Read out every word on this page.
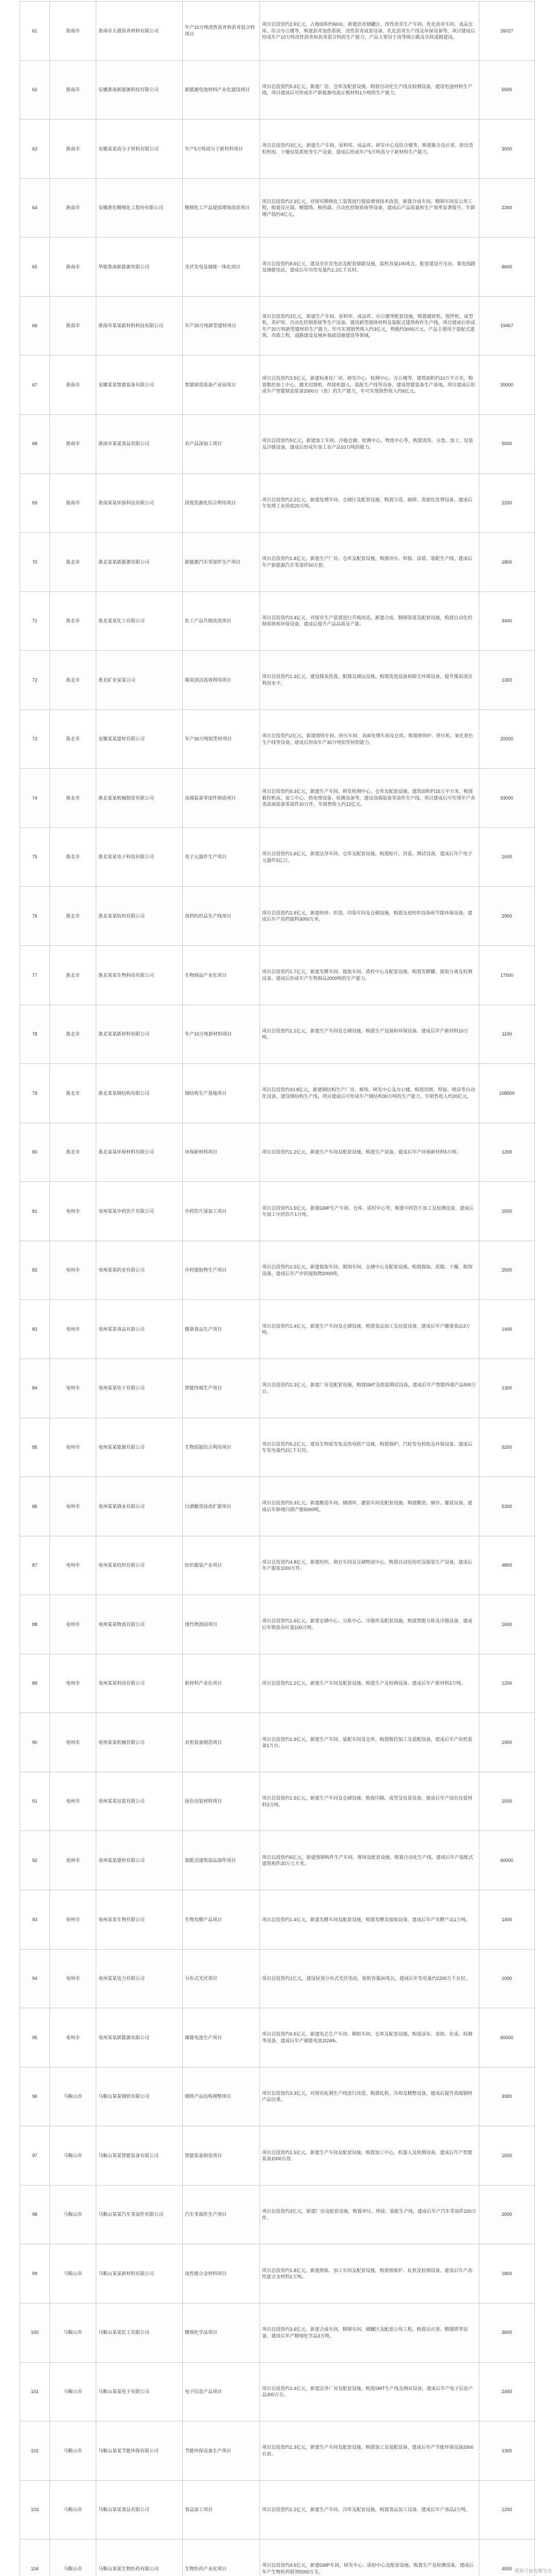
61	淮南市	淮南市大港沥青材料有限公司	年产10万吨改性沥青和沥青混合料项目	项目总投资约2.6亿元，占地面积约60亩，新建沥青储罐区、改性沥青生产车间、乳化沥青车间、成品仓库、综合办公楼等，购置沥青加热系统、改性沥青成套设备、乳化沥青生产线及环保设备等，项目建成后形成年产10万吨改性沥青和沥青混合料的生产能力，产品主要用于高等级公路及市政道路建设。	26027
62	淮南市	安徽淮南新能源科技有限公司	新能源电池材料产业化建设项目	项目总投资约5.5亿元，新建厂房、仓库及配套设施，购置自动化生产线及检测设备，建设电池材料生产线，项目建成后可形成年产新能源电池正极材料1万吨的生产能力。	5500
63	淮南市	安徽某某高分子材料有限公司	年产5万吨高分子新材料项目	项目总投资约3亿元，新建生产车间、原料库、成品库、研发中心及综合楼等，购置聚合反应釜、挤出造粒机组、干燥包装系统等生产设备，建成后形成年产5万吨高分子新材料生产能力。	3000
64	淮南市	安徽淮化精细化工股份有限公司	精细化工产品提质增效改造项目	项目总投资约2.3亿元，对现有精细化工装置进行提质增效技术改造，新建合成车间、精制车间及公用工程，购置反应器、精馏塔、换热器、自动化控制系统等设备，建成后产品质量和生产效率显著提升，年新增产值约4亿元。	2300
65	淮南市	华能淮南新能源有限公司	光伏发电及储能一体化项目	项目总投资约8.6亿元，建设光伏发电站及配套储能设施，装机容量100兆瓦，配套建设升压站、集电线路及储能电站，建成后年均发电量约1.2亿千瓦时。	8600
66	淮南市	淮南市某某新材料科技有限公司	年产20万吨新型建材项目	项目总投资约2亿元，新建生产车间、原料库、成品库、办公楼等配套设施，购置破碎机、搅拌机、成型机、养护窑、自动化控制系统等生产设备，建设新型墙体材料及装配式建筑构件生产线，项目建成后形成年产20万吨新型建材的生产能力，年可实现销售收入约3亿元，利税约3000万元。产品主要用于装配式建筑、市政工程、道路建设及城乡基础设施建设等领域。	19467
67	淮南市	安徽某某智能装备有限公司	智能制造装备产业园项目	项目总投资约3.5亿元，新建标准化厂房、研发中心、检测中心、办公楼等，建筑面积约10万平方米，购置数控加工中心、激光切割机、焊接机器人、装配生产线等设备，建设智能装备生产基地，项目建成后形成年产智能制造装备2000台（套）的生产能力，年可实现销售收入约6亿元。	35000
68	淮南市	淮南市某某食品有限公司	农产品深加工项目	项目总投资约5亿元，新建加工车间、冷链仓储、检测中心、物流中心等，购置清洗、分选、加工、包装及冷链设备，建成后形成年加工农产品10万吨的能力。	5000
69	淮南市	淮南某某环保科技有限公司	固废资源化综合利用项目	项目总投资约2.2亿元，新建处理车间、仓储区及配套设施，购置分选、破碎、资源化处理设备，建成后年处理工业固废20万吨。	2200
70	淮北市	淮北某某新能源有限公司	新能源汽车零部件生产项目	项目总投资约1.8亿元，新建生产厂房、仓库及配套设施，购置冲压、焊接、涂装、装配生产线，建成后年产新能源汽车零部件50万套。	1800
71	淮北市	淮北某某化工有限公司	化工产品升级改造项目	项目总投资约3.4亿元，对现有生产装置进行升级改造，新建合成、精制装置及配套设施，购置自动化控制系统和环保设备，建成后提升产品品质及产能。	3400
72	淮北市	淮北矿业某某公司	煤炭清洁高效利用项目	项目总投资约1.3亿元，建设煤炭洗选、配煤及储运设施，购置洗选设备和除尘环保设备，提升煤炭清洁利用水平。	1300
73	淮北市	安徽某某建材有限公司	年产30万吨铝型材项目	项目总投资约2亿元，新建熔铸车间、挤压车间、表面处理车间及仓库，购置熔铸炉、挤压机、氧化着色生产线等设备，建成后形成年产30万吨铝型材的能力。	20000
74	淮北市	淮北某某机械制造有限公司	高端装备零部件制造项目	项目总投资约9.3亿元，新建生产车间、研发检测中心、仓库及配套设施，建筑面积约15万平方米，购置数控机床、加工中心、热处理设备、检测设备等，建设高端装备零部件生产线，项目建成后可实现年产各类高端装备零部件20万件，年销售收入约12亿元。	93000
75	淮北市	淮北某某电子科技有限公司	电子元器件生产项目	项目总投资约1.6亿元，新建洁净车间、仓库及配套设施，购置贴片、封装、测试设备，建成后年产电子元器件5亿只。	1600
76	淮北市	淮北某某纺织有限公司	高档纺织品生产线项目	项目总投资约2.9亿元，新建纺纱、织造、印染车间及仓储设施，购置先进纺织设备和节能环保设备，建成后年产高档面料3000万米。	2900
77	淮北市	淮北某某生物科技有限公司	生物制品产业化项目	项目总投资约1.7亿元，新建发酵车间、提取车间、质检中心及配套设施，购置发酵罐、提取分离及检测设备，建成后形成年产生物制品2000吨的生产能力。	17500
78	淮北市	淮北某某新材料有限公司	年产10万吨新材料项目	项目总投资约1.1亿元，新建生产车间及仓储设施，购置生产设备和环保设备，建成后年产新材料10万吨。	1100
79	淮北市	淮北某某钢结构有限公司	钢结构生产基地项目	项目总投资约10.8亿元，新建钢结构生产厂房、堆场、研发中心及办公楼，购置切割、焊接、喷涂等自动化设备，建设钢结构生产线，项目建成后可形成年产钢结构30万吨的生产能力，年销售收入约20亿元。	108000
80	淮北市	淮北某某环保材料有限公司	环保新材料项目	项目总投资约1.2亿元，新建生产车间及配套设施，购置生产设备，建成后年产环保新材料5万吨。	1200
81	亳州市	亳州某某中药饮片有限公司	中药饮片深加工项目	项目总投资约1.5亿元，新建GMP生产车间、仓库、质检中心等，购置中药饮片加工及检测设备，建成后年加工中药饮片1万吨。	1500
82	亳州市	亳州某某药业有限公司	中药提取物生产项目	项目总投资约2.5亿元，新建提取车间、制剂车间、仓储中心及配套设施，购置提取、浓缩、干燥、制剂设备，建成后年产中药提取物2000吨。	2500
83	亳州市	亳州某某食品有限公司	健康食品生产项目	项目总投资约1.4亿元，新建生产车间及仓储设施，购置食品加工及包装设备，建成后年产健康食品3万吨。	1400
84	亳州市	亳州某某电子有限公司	智能终端生产项目	项目总投资约1.3亿元，新建厂房及配套设施，购置SMT及组装测试设备，建成后年产智能终端产品500万台。	1300
85	亳州市	亳州某某能源有限公司	生物质能综合利用项目	项目总投资约5.2亿元，建设生物质发电及热电联产设施，购置锅炉、汽轮发电机组及环保设备，建成后年发电量约2亿千瓦时。	5200
86	亳州市	亳州某某酒业有限公司	白酒酿造技改扩能项目	项目总投资约5.3亿元，新建酿造车间、储酒库、灌装车间及配套设施，购置酿造、储存、灌装设备，建成后年新增白酒产能5000吨。	5300
87	亳州市	亳州某某纺织有限公司	纺织服装产业项目	项目总投资约4.8亿元，新建纺织、制衣车间及仓储物流中心，购置自动化纺织及服装生产设备，建成后年产服装1000万件。	4800
88	亳州市	亳州某某物流有限公司	现代物流园项目	项目总投资约1.6亿元，新建仓储中心、分拣中心、冷链库及配套设施，购置智能分拣及冷链设备，建成后年物流吞吐量100万吨。	1600
89	亳州市	亳州某某科技有限公司	新材料产业化项目	项目总投资约1.2亿元，新建生产车间及配套设施，购置生产及检测设备，建成后年产新材料2万吨。	1200
90	亳州市	亳州某某机械有限公司	农机装备制造项目	项目总投资约1.9亿元，新建生产车间、装配车间及仓库，购置数控加工及装配设备，建成后年产农机装备1万台。	1900
91	亳州市	亳州某某包装有限公司	绿色包装材料项目	项目总投资约1.5亿元，新建生产车间及仓储设施，购置印刷、成型及包装设备，建成后年产绿色包装材料3万吨。	1500
92	亳州市	亳州某某建材有限公司	装配式建筑部品部件项目	项目总投资约6亿元，新建预制构件生产车间、堆场及配套设施，购置自动化生产线，建成后年产装配式建筑构件20万立方米。	60000
93	亳州市	亳州某某生物有限公司	生物发酵产品项目	项目总投资约1.4亿元，新建发酵车间及配套设施，购置发酵及提取设备，建成后年产发酵产品1万吨。	1400
94	亳州市	亳州某某电力有限公司	分布式光伏项目	项目总投资约1亿元，建设屋顶分布式光伏电站，装机容量20兆瓦，建成后年发电量约2200万千瓦时。	1000
95	亳州市	亳州某某新能源有限公司	储能电池生产项目	项目总投资约6.5亿元，新建电芯生产车间、模组车间、仓库及配套设施，购置涂布、卷绕、化成、检测等设备，建成后年产储能电池2GWh。	65000
96	马鞍山市	马鞍山某某钢铁有限公司	钢铁产品结构调整项目	项目总投资约3.3亿元，对现有轧钢生产线进行改造，购置轧机、冷却及精整设备，建成后提升高端钢材产品比重。	3300
97	马鞍山市	马鞍山某某智能装备有限公司	智能装备制造项目	项目总投资约1.5亿元，新建生产车间及配套设施，购置加工中心、机器人及检测设备，建成后年产智能装备1000台套。	1500
98	马鞍山市	马鞍山某某汽车零部件有限公司	汽车零部件生产项目	项目总投资约2亿元，新建厂房及配套设施，购置冲压、焊接、装配生产线，建成后年产汽车零部件100万件。	2000
99	马鞍山市	马鞍山某某新材料有限公司	高性能合金材料项目	项目总投资约1.8亿元，新建熔炼、加工车间及配套设施，购置熔炼炉、轧机及检测设备，建成后年产高性能合金材料1万吨。	1800
100	马鞍山市	马鞍山某某化工有限公司	精细化学品项目	项目总投资约3.6亿元，新建合成车间、精制车间、储罐区及配套公用工程，购置反应釜、精馏塔等设备，建成后年产精细化学品3万吨。	3600
101	马鞍山市	马鞍山某某电子有限公司	电子信息产品项目	项目总投资约2.4亿元，新建洁净厂房及配套设施，购置SMT生产线及测试设备，建成后年产电子信息产品300万台。	2400
102	马鞍山市	马鞍山某某节能环保有限公司	节能环保设备生产项目	项目总投资约1.3亿元，新建生产车间及配套设施，购置加工及装配设备，建成后年产节能环保设备2000台套。	1300
103	马鞍山市	马鞍山某某食品有限公司	食品加工项目	项目总投资约1.2亿元，新建生产车间、冷库及配套设施，购置食品加工设备，建成后年产食品2万吨。	1200
104	马鞍山市	马鞍山某某生物医药有限公司	生物医药产业化项目	项目总投资约4.5亿元，新建GMP车间、研发中心、质检中心及配套设施，购置生产及检测设备，建成后年产生物医药制剂5000万支。	4500

					搜狐号@安徽发改
